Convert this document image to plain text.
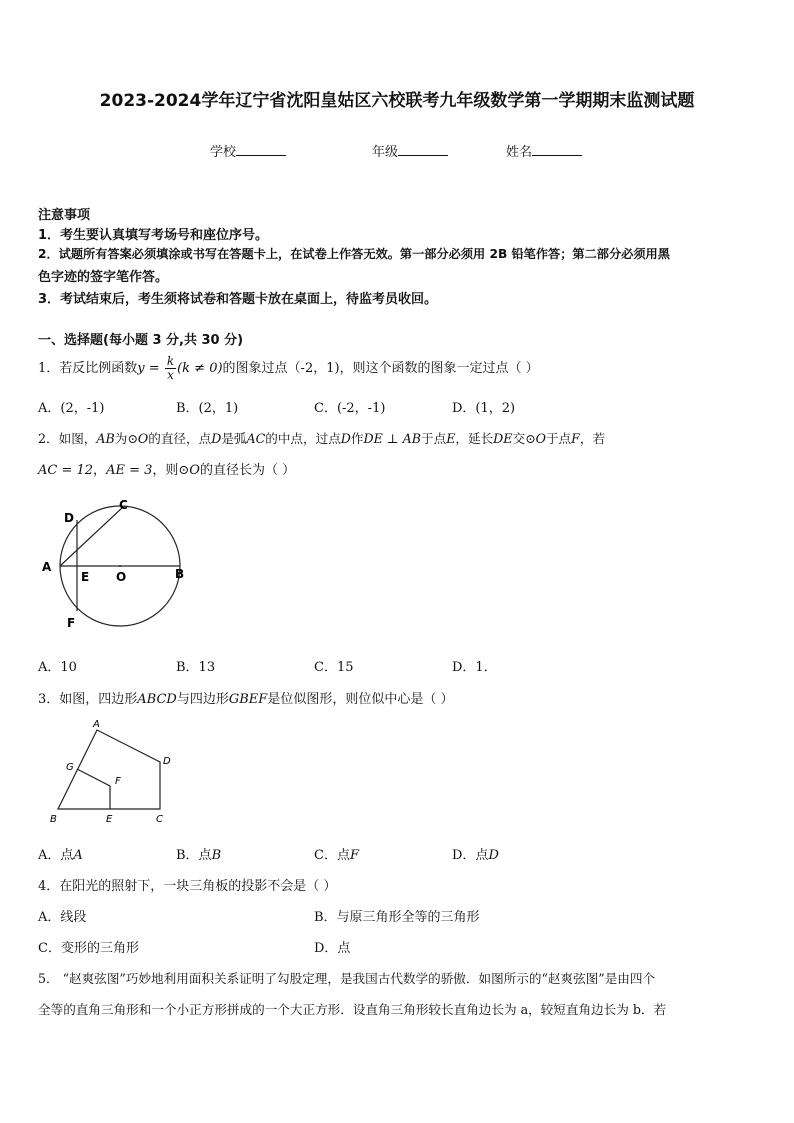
2023-2024学年辽宁省沈阳皇姑区六校联考九年级数学第一学期期末监测试题
学校	年级	姓名
注意事项
1．考生要认真填写考场号和座位序号。
2．试题所有答案必须填涂或书写在答题卡上，在试卷上作答无效。第一部分必须用 2B 铅笔作答；第二部分必须用黑
色字迹的签字笔作答。
3．考试结束后，考生须将试卷和答题卡放在桌面上，待监考员收回。
一、选择题(每小题 3 分,共 30 分)
1．若反比例函数$y = \frac{k}{x} (k \ne 0)$的图象过点（-2，1)，则这个函数的图象一定过点（ ）
A．(2，-1)	B．(2，1)	C．(-2，-1)	D．(1，2)
2．如图，AB为⊙O的直径，点D是弧AC的中点，过点D作DE ⊥ AB于点E，延长DE交⊙O于点F，若
AC = 12，AE = 3，则⊙O的直径长为（ ）
A	B
C
D
E
F
O
A．10	B．13	C．15	D．1．
3．如图，四边形ABCD与四边形GBEF是位似图形，则位似中心是（ ）
A
B	C
D
E
F
G
A．点A	B．点B	C．点F	D．点D
4．在阳光的照射下，一块三角板的投影不会是（ ）
A．线段	B．与原三角形全等的三角形
C．变形的三角形	D．点
5． “赵爽弦图”巧妙地利用面积关系证明了勾股定理，是我国古代数学的骄傲．如图所示的“赵爽弦图”是由四个
全等的直角三角形和一个小正方形拼成的一个大正方形．设直角三角形较长直角边长为 a，较短直角边长为 b．若
